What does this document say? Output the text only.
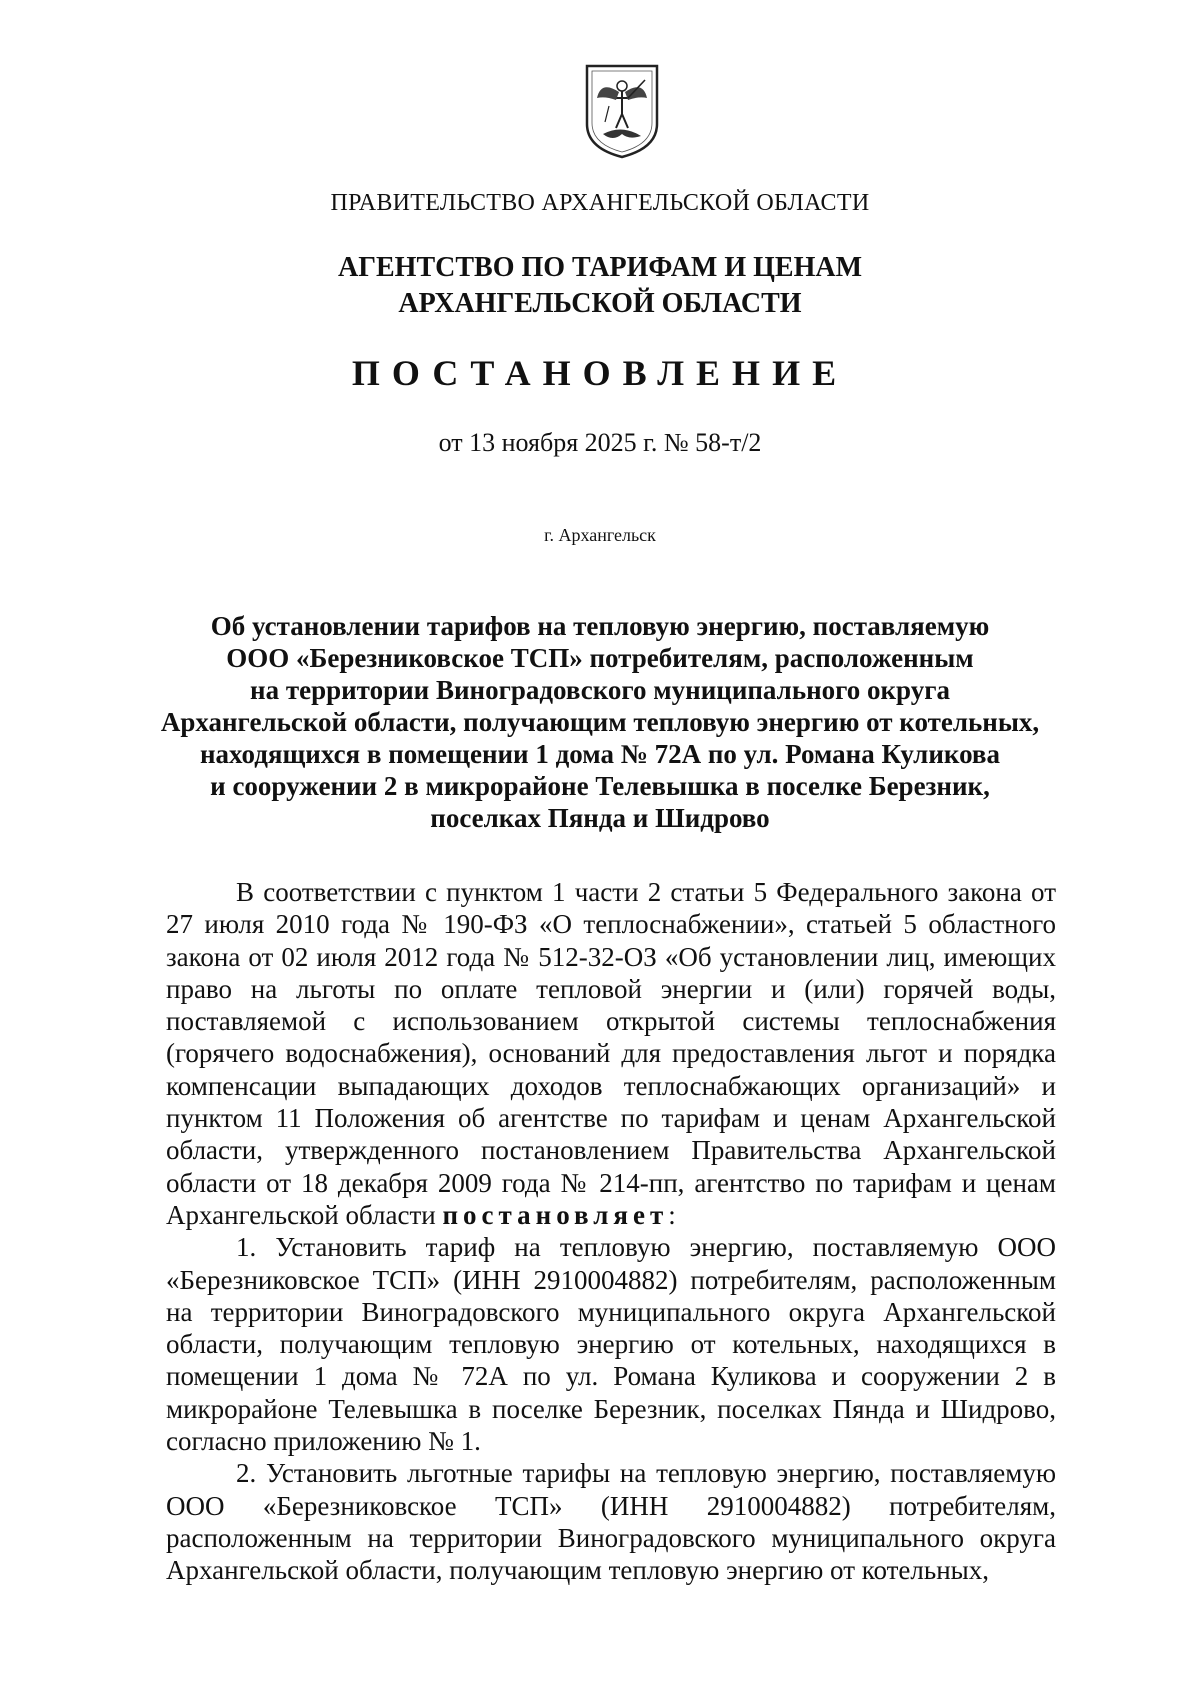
ПРАВИТЕЛЬСТВО АРХАНГЕЛЬСКОЙ ОБЛАСТИ
АГЕНТСТВО ПО ТАРИФАМ И ЦЕНАМ
АРХАНГЕЛЬСКОЙ ОБЛАСТИ
ПОСТАНОВЛЕНИЕ
от 13 ноября 2025 г. № 58-т/2
г. Архангельск
Об установлении тарифов на тепловую энергию, поставляемую
ООО «Березниковское ТСП» потребителям, расположенным
на территории Виноградовского муниципального округа
Архангельской области, получающим тепловую энергию от котельных,
находящихся в помещении 1 дома № 72А по ул. Романа Куликова
и сооружении 2 в микрорайоне Телевышка в поселке Березник,
поселках Пянда и Шидрово

В соответствии с пунктом 1 части 2 статьи 5 Федерального закона от 27 июля 2010 года № 190-ФЗ «О теплоснабжении», статьей 5 областного закона от 02 июля 2012 года № 512-32-ОЗ «Об установлении лиц, имеющих право на льготы по оплате тепловой энергии и (или) горячей воды, поставляемой с использованием открытой системы теплоснабжения (горячего водоснабжения), оснований для предоставления льгот и порядка компенсации выпадающих доходов теплоснабжающих организаций» и пунктом 11 Положения об агентстве по тарифам и ценам Архангельской области, утвержденного постановлением Правительства Архангельской области от 18 декабря 2009 года № 214-пп, агентство по тарифам и ценам Архангельской области постановляет:

1. Установить тариф на тепловую энергию, поставляемую ООО «Березниковское ТСП» (ИНН 2910004882) потребителям, расположенным на территории Виноградовского муниципального округа Архангельской области, получающим тепловую энергию от котельных, находящихся в помещении 1 дома № 72А по ул. Романа Куликова и сооружении 2 в микрорайоне Телевышка в поселке Березник, поселках Пянда и Шидрово, согласно приложению № 1.

2. Установить льготные тарифы на тепловую энергию, поставляемую ООО «Березниковское ТСП» (ИНН 2910004882) потребителям, расположенным на территории Виноградовского муниципального округа Архангельской области, получающим тепловую энергию от котельных,
